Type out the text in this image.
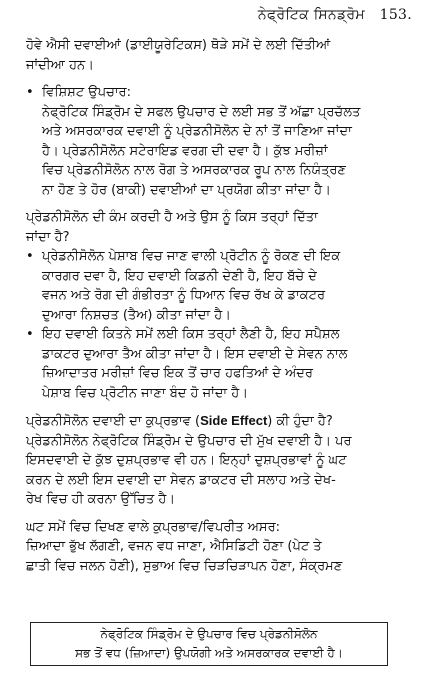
ਨੇਫ੍ਰੋਟਿਕ ਸਿਨਡ੍ਰੋਮ 153.

ਹੋਵੇ ਐਸੀ ਦਵਾਈਆਂ (ਡਾਈਯੂਰੇਟਿਕਸ) ਥੋੜੇ ਸਮੇਂ ਦੇ ਲਈ ਦਿੱਤੀਆਂ
ਜਾਂਦੀਆ ਹਨ।

• ਵਿਸ਼ਿਸ਼ਟ ਉਪਚਾਰ:
ਨੇਫ੍ਰੋਟਿਕ ਸਿੰਡ੍ਰੋਮ ਦੇ ਸਫਲ ਉਪਚਾਰ ਦੇ ਲਈ ਸਭ ਤੋਂ ਅੱਛਾ ਪ੍ਰਚੱਲਤ
ਅਤੇ ਅਸਰਕਾਰਕ ਦਵਾਈ ਨੂੰ ਪ੍ਰੇਡਨੀਸੋਲੋਨ ਦੇ ਨਾਂ ਤੋਂ ਜਾਣਿਆ ਜਾਂਦਾ
ਹੈ। ਪ੍ਰੇਡਨੀਸੋਲੋਨ ਸਟੇਰਾਇਡ ਵਰਗ ਦੀ ਦਵਾ ਹੈ। ਕੁੱਝ ਮਰੀਜ਼ਾਂ
ਵਿਚ ਪ੍ਰੇਡਨੀਸੋਲੋਨ ਨਾਲ ਰੋਗ ਤੇ ਅਸਰਕਾਰਕ ਰੂਪ ਨਾਲ ਨਿਯੰਤ੍ਰਣ
ਨਾ ਹੋਣ ਤੇ ਹੋਰ (ਬਾਕੀ) ਦਵਾਈਆਂ ਦਾ ਪ੍ਰਯੋਗ ਕੀਤਾ ਜਾਂਦਾ ਹੈ।

ਪ੍ਰੇਡਨੀਸੋਲੋਨ ਦੀ ਕੰਮ ਕਰਦੀ ਹੈ ਅਤੇ ਉਸ ਨੂੰ ਕਿਸ ਤਰ੍ਹਾਂ ਦਿੱਤਾ
ਜਾਂਦਾ ਹੈ?

• ਪ੍ਰੇਡਨੀਸੋਲੋਨ ਪੇਸ਼ਾਬ ਵਿਚ ਜਾਣ ਵਾਲੀ ਪ੍ਰੋਟੀਨ ਨੂੰ ਰੋਕਣ ਦੀ ਇਕ
ਕਾਰਗਰ ਦਵਾ ਹੈ, ਇਹ ਦਵਾਈ ਕਿਡਨੀ ਦੇਣੀ ਹੈ, ਇਹ ਬੱਚੇ ਦੇ
ਵਜਨ ਅਤੇ ਰੋਗ ਦੀ ਗੰਭੀਰਤਾ ਨੂੰ ਧਿਆਨ ਵਿਚ ਰੱਖ ਕੇ ਡਾਕਟਰ
ਦੁਆਰਾ ਨਿਸ਼ਚਤ (ਤੈਅ) ਕੀਤਾ ਜਾਂਦਾ ਹੈ।
• ਇਹ ਦਵਾਈ ਕਿਤਨੇ ਸਮੇਂ ਲਈ ਕਿਸ ਤਰ੍ਹਾਂ ਲੈਣੀ ਹੈ, ਇਹ ਸਪੈਸ਼ਲ
ਡਾਕਟਰ ਦੁਆਰਾ ਤੈਅ ਕੀਤਾ ਜਾਂਦਾ ਹੈ। ਇਸ ਦਵਾਈ ਦੇ ਸੇਵਨ ਨਾਲ
ਜ਼ਿਆਦਾਤਰ ਮਰੀਜ਼ਾਂ ਵਿਚ ਇਕ ਤੋਂ ਚਾਰ ਹਫਤਿਆਂ ਦੇ ਅੰਦਰ
ਪੇਸ਼ਾਬ ਵਿਚ ਪ੍ਰੋਟੀਨ ਜਾਣਾ ਬੰਦ ਹੋ ਜਾਂਦਾ ਹੈ।

ਪ੍ਰੇਡਨੀਸੋਲੋਨ ਦਵਾਈ ਦਾ ਕੁਪ੍ਰਭਾਵ (Side Effect) ਕੀ ਹੁੰਦਾ ਹੈ?

ਪ੍ਰੇਡਨੀਸੋਲੋਨ ਨੇਫ੍ਰੋਟਿਕ ਸਿੰਡ੍ਰੋਮ ਦੇ ਉਪਚਾਰ ਦੀ ਮੁੱਖ ਦਵਾਈ ਹੈ। ਪਰ
ਇਸਦਵਾਈ ਦੇ ਕੁੱਝ ਦੁਸ਼ਪ੍ਰਭਾਵ ਵੀ ਹਨ। ਇਨ੍ਹਾਂ ਦੁਸ਼ਪ੍ਰਭਾਵਾਂ ਨੂੰ ਘਟ
ਕਰਨ ਦੇ ਲਈ ਇਸ ਦਵਾਈ ਦਾ ਸੇਵਨ ਡਾਕਟਰ ਦੀ ਸਲਾਹ ਅਤੇ ਦੇਖ-
ਰੇਖ ਵਿਚ ਹੀ ਕਰਨਾ ਉੱਚਿਤ ਹੈ।

ਘਟ ਸਮੇਂ ਵਿਚ ਦਿਖਣ ਵਾਲੇ ਕੁਪ੍ਰਭਾਵ/ਵਿਪਰੀਤ ਅਸਰ:

ਜ਼ਿਆਦਾ ਭੁੱਖ ਲੱਗਣੀ, ਵਜਨ ਵਧ ਜਾਣਾ, ਐਸਿਡਿਟੀ ਹੋਣਾ (ਪੇਟ ਤੇ
ਛਾਤੀ ਵਿਚ ਜਲਨ ਹੋਣੀ), ਸੁਭਾਅ ਵਿਚ ਚਿੜਚਿੜਾਪਨ ਹੋਣਾ, ਸੰਕ੍ਰਮਣ

ਨੇਫ੍ਰੋਟਿਕ ਸਿੰਡ੍ਰੋਮ ਦੇ ਉਪਚਾਰ ਵਿਚ ਪ੍ਰੇਡਨੀਸੋਲੋਨ
ਸਭ ਤੋਂ ਵਧ (ਜ਼ਿਆਦਾ) ਉਪਯੋਗੀ ਅਤੇ ਅਸਰਕਾਰਕ ਦਵਾਈ ਹੈ।
